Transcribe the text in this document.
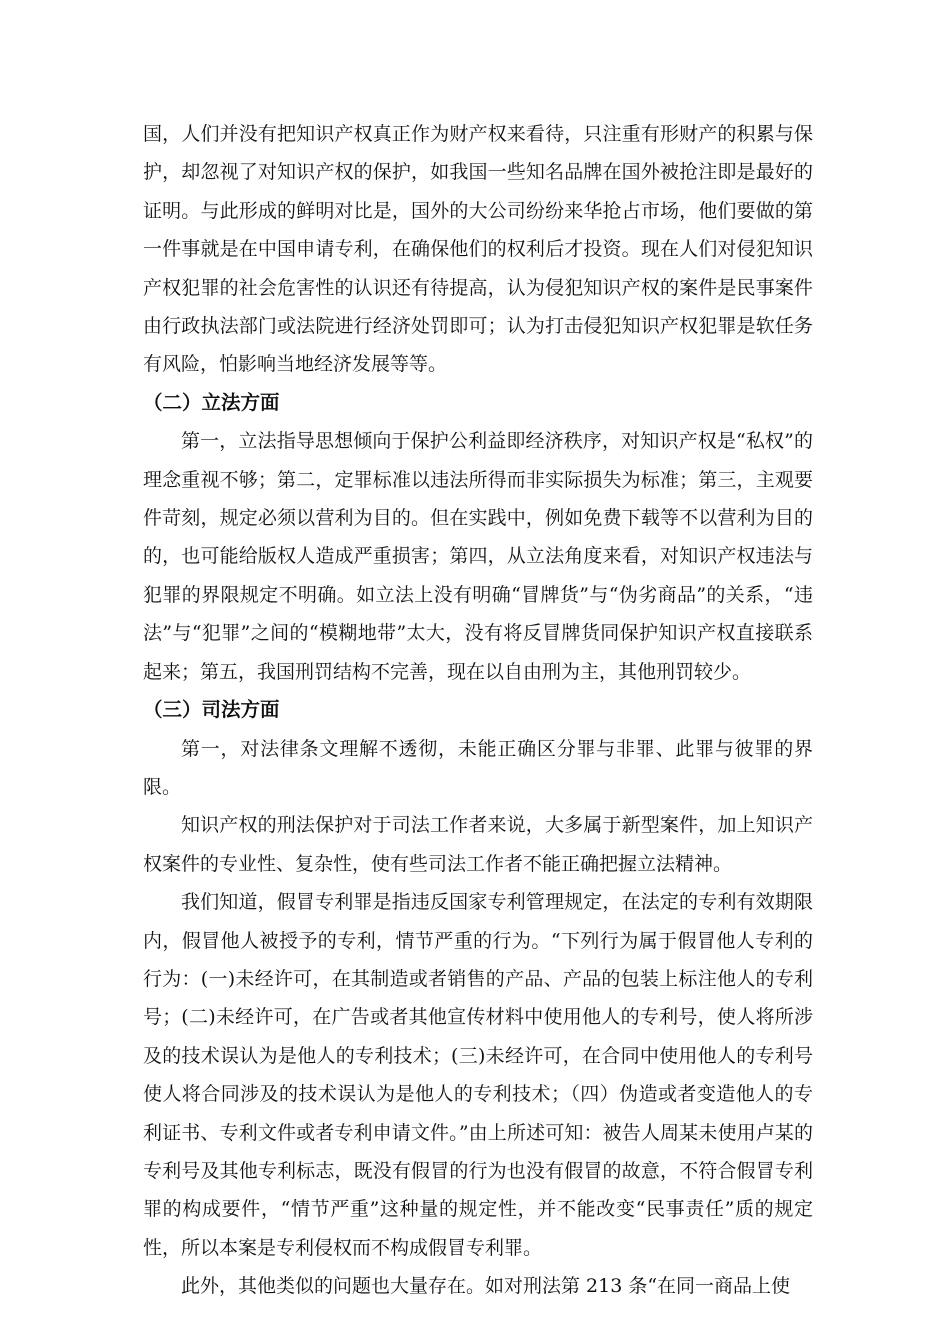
国，人们并没有把知识产权真正作为财产权来看待，只注重有形财产的积累与保护，却忽视了对知识产权的保护，如我国一些知名品牌在国外被抢注即是最好的证明。与此形成的鲜明对比是，国外的大公司纷纷来华抢占市场，他们要做的第一件事就是在中国申请专利，在确保他们的权利后才投资。现在人们对侵犯知识产权犯罪的社会危害性的认识还有待提高，认为侵犯知识产权的案件是民事案件由行政执法部门或法院进行经济处罚即可；认为打击侵犯知识产权犯罪是软任务有风险，怕影响当地经济发展等等。

（二）立法方面

第一，立法指导思想倾向于保护公利益即经济秩序，对知识产权是“私权”的理念重视不够；第二，定罪标准以违法所得而非实际损失为标准；第三，主观要件苛刻，规定必须以营利为目的。但在实践中，例如免费下载等不以营利为目的的，也可能给版权人造成严重损害；第四，从立法角度来看，对知识产权违法与犯罪的界限规定不明确。如立法上没有明确“冒牌货”与“伪劣商品”的关系，“违法”与“犯罪”之间的“模糊地带”太大，没有将反冒牌货同保护知识产权直接联系起来；第五，我国刑罚结构不完善，现在以自由刑为主，其他刑罚较少。

（三）司法方面

第一，对法律条文理解不透彻，未能正确区分罪与非罪、此罪与彼罪的界限。

知识产权的刑法保护对于司法工作者来说，大多属于新型案件，加上知识产权案件的专业性、复杂性，使有些司法工作者不能正确把握立法精神。

我们知道，假冒专利罪是指违反国家专利管理规定，在法定的专利有效期限内，假冒他人被授予的专利，情节严重的行为。“下列行为属于假冒他人专利的行为：(一)未经许可，在其制造或者销售的产品、产品的包装上标注他人的专利号；(二)未经许可，在广告或者其他宣传材料中使用他人的专利号，使人将所涉及的技术误认为是他人的专利技术；(三)未经许可，在合同中使用他人的专利号使人将合同涉及的技术误认为是他人的专利技术；（四）伪造或者变造他人的专利证书、专利文件或者专利申请文件。”由上所述可知：被告人周某未使用卢某的专利号及其他专利标志，既没有假冒的行为也没有假冒的故意，不符合假冒专利罪的构成要件，“情节严重”这种量的规定性，并不能改变“民事责任”质的规定性，所以本案是专利侵权而不构成假冒专利罪。

此外，其他类似的问题也大量存在。如对刑法第 213 条“在同一商品上使
